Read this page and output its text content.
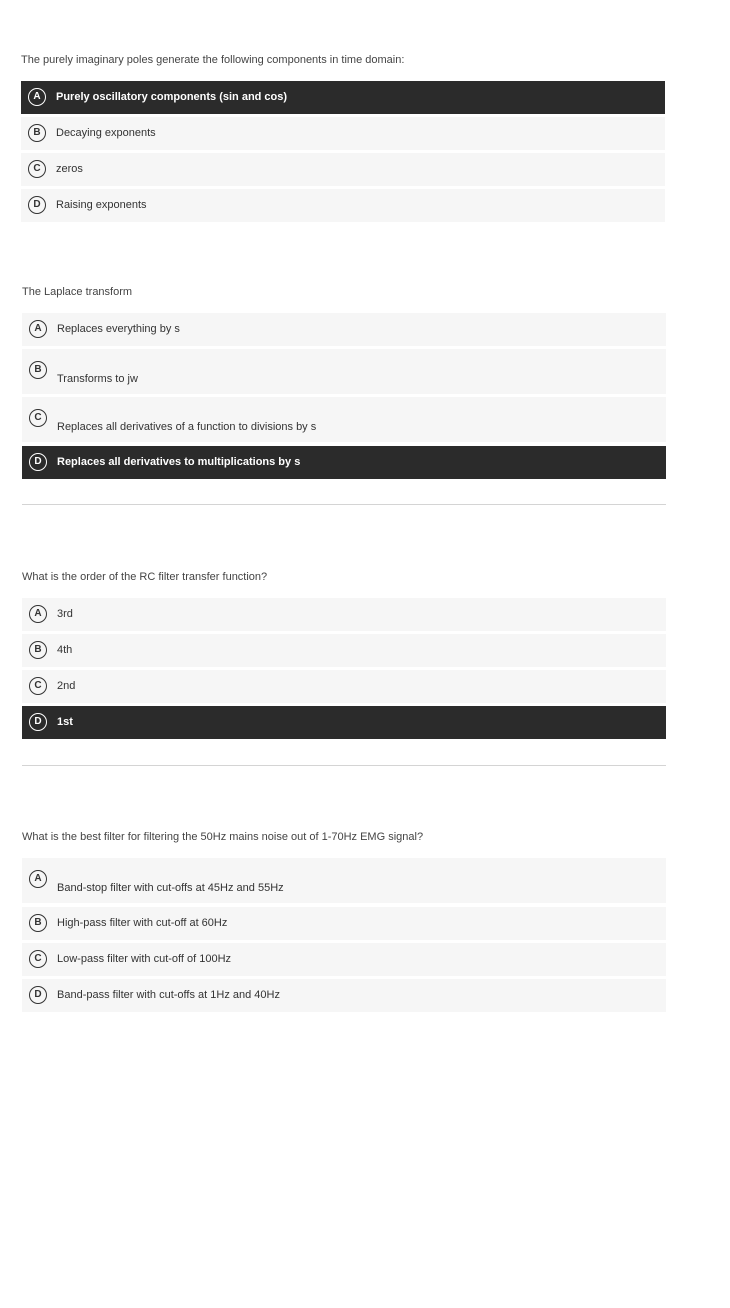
The purely imaginary poles generate the following components in time domain:
A	Purely oscillatory components (sin and cos)
B	Decaying exponents
C	zeros
D	Raising exponents
The Laplace transform
A	Replaces everything by s
B
Transforms to jw
C
Replaces all derivatives of a function to divisions by s
D	Replaces all derivatives to multiplications by s
What is the order of the RC filter transfer function?
A	3rd
B	4th
C	2nd
D	1st
What is the best filter for filtering the 50Hz mains noise out of 1-70Hz EMG signal?
A
Band-stop filter with cut-offs at 45Hz and 55Hz
B	High-pass filter with cut-off at 60Hz
C	Low-pass filter with cut-off of 100Hz
D	Band-pass filter with cut-offs at 1Hz and 40Hz
